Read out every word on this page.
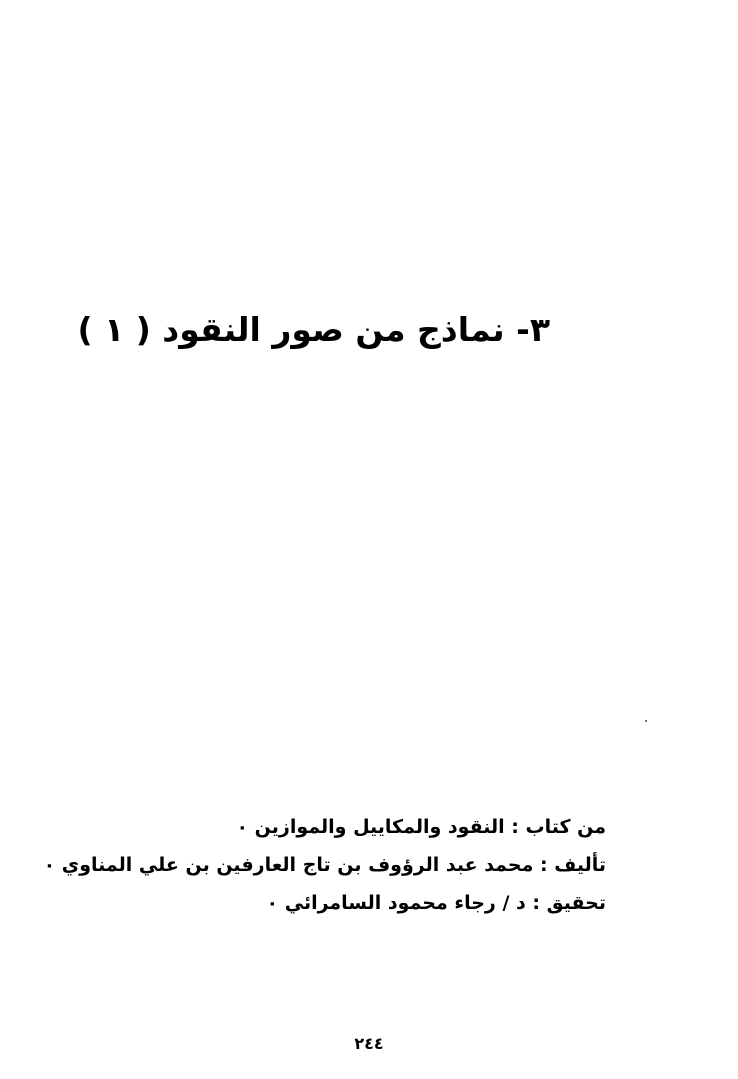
٣- نماذج من صور النقود ( ١ )
من كتاب : النقود والمكاييل والموازين ٠
تأليف : محمد عبد الرؤوف بن تاج العارفين بن علي المناوي ٠
تحقيق : د / رجاء محمود السامرائي ٠
٢٤٤
